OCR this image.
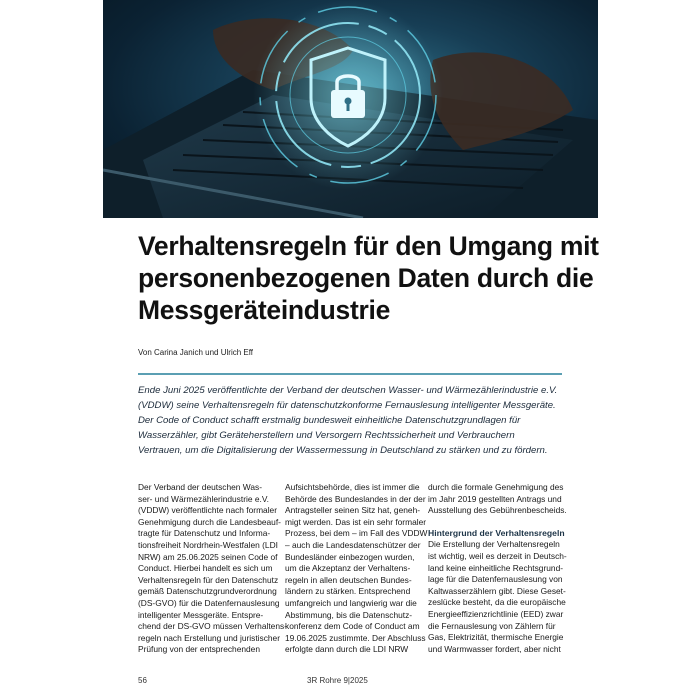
Verhaltensregeln für den Umgang mit
personenbezogenen Daten durch die
Messgeräteindustrie
Von Carina Janich und Ulrich Eff
Ende Juni 2025 veröffentlichte der Verband der deutschen Wasser- und Wärmezählerindustrie e.V.
(VDDW) seine Verhaltensregeln für datenschutzkonforme Fernauslesung intelligenter Messgeräte.
Der Code of Conduct schafft erstmalig bundesweit einheitliche Datenschutzgrundlagen für
Wasserzähler, gibt Geräteherstellern und Versorgern Rechtssicherheit und Verbrauchern
Vertrauen, um die Digitalisierung der Wassermessung in Deutschland zu stärken und zu fördern.
Der Verband der deutschen Was-
ser- und Wärmezählerindustrie e.V.
(VDDW) veröffentlichte nach formaler
Genehmigung durch die Landesbeauf-
tragte für Datenschutz und Informa-
tionsfreiheit Nordrhein-Westfalen (LDI
NRW) am 25.06.2025 seinen Code of
Conduct. Hierbei handelt es sich um
Verhaltensregeln für den Datenschutz
gemäß Datenschutzgrundverordnung
(DS-GVO) für die Datenfernauslesung
intelligenter Messgeräte. Entspre-
chend der DS-GVO müssen Verhaltens-
regeln nach Erstellung und juristischer
Prüfung von der entsprechenden
Aufsichtsbehörde, dies ist immer die
Behörde des Bundeslandes in der der
Antragsteller seinen Sitz hat, geneh-
migt werden. Das ist ein sehr formaler
Prozess, bei dem – im Fall des VDDW
– auch die Landesdatenschützer der
Bundesländer einbezogen wurden,
um die Akzeptanz der Verhaltens-
regeln in allen deutschen Bundes-
ländern zu stärken. Entsprechend
umfangreich und langwierig war die
Abstimmung, bis die Datenschutz-
konferenz dem Code of Conduct am
19.06.2025 zustimmte. Der Abschluss
erfolgte dann durch die LDI NRW
durch die formale Genehmigung des
im Jahr 2019 gestellten Antrags und
Ausstellung des Gebührenbescheids.
Hintergrund der Verhaltensregeln
Die Erstellung der Verhaltensregeln
ist wichtig, weil es derzeit in Deutsch-
land keine einheitliche Rechtsgrund-
lage für die Datenfernauslesung von
Kaltwasserzählern gibt. Diese Geset-
zeslücke besteht, da die europäische
Energieeffizienzrichtlinie (EED) zwar
die Fernauslesung von Zählern für
Gas, Elektrizität, thermische Energie
und Warmwasser fordert, aber nicht
56	3R Rohre 9|2025
